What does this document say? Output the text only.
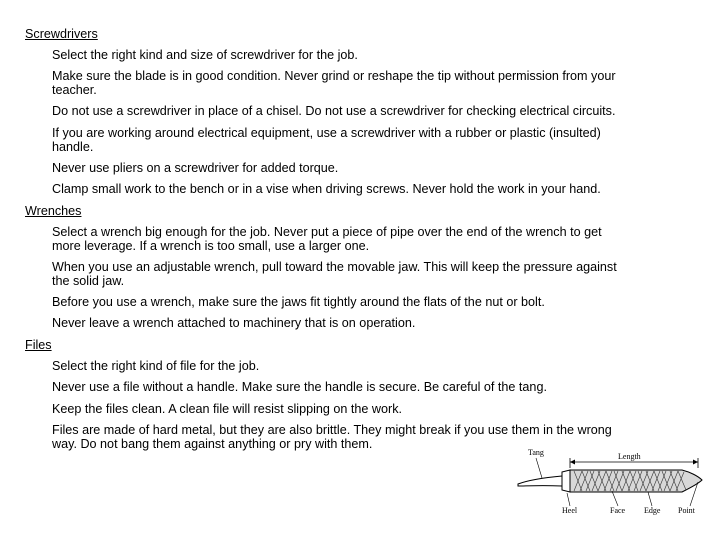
Screwdrivers
Select the right kind and size of screwdriver for the job.
Make sure the blade is in good condition. Never grind or reshape the tip without permission from your
teacher.
Do not use a screwdriver in place of a chisel. Do not use a screwdriver for checking electrical circuits.
If you are working around electrical equipment, use a screwdriver with a rubber or plastic (insulted)
handle.
Never use pliers on a screwdriver for added torque.
Clamp small work to the bench or in a vise when driving screws. Never hold the work in your hand.
Wrenches
Select a wrench big enough for the job. Never put a piece of pipe over the end of the wrench to get
more leverage. If a wrench is too small, use a larger one.
When you use an adjustable wrench, pull toward the movable jaw. This will keep the pressure against
the solid jaw.
Before you use a wrench, make sure the jaws fit tightly around the flats of the nut or bolt.
Never leave a wrench attached to machinery that is on operation.
Files
Select the right kind of file for the job.
Never use a file without a handle. Make sure the handle is secure. Be careful of the tang.
Keep the files clean. A clean file will resist slipping on the work.
Files are made of hard metal, but they are also brittle. They might break if you use them in the wrong
way. Do not bang them against anything or pry with them.
Tang	Length
Heel	Face Edge Point
